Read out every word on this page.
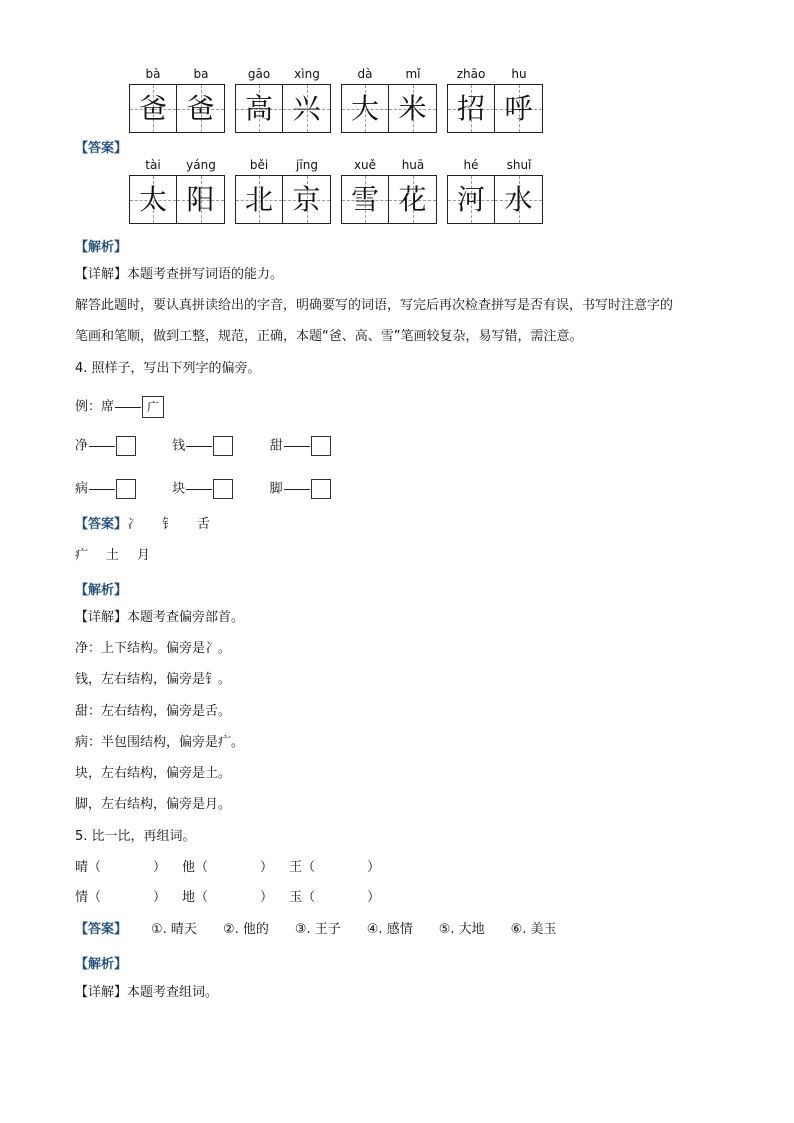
bà	ba	gāo	xìng	dà	mǐ	zhāo	hu
爸 爸 高 兴 大 米 招 呼
【答案】
tài	yáng	běi	jīng	xuě	huā	hé	shuǐ
太 阳 北 京 雪 花 河 水
【解析】
【详解】本题考查拼写词语的能力。
解答此题时，要认真拼读给出的字音，明确要写的词语，写完后再次检查拼写是否有误，书写时注意字的
笔画和笔顺，做到工整，规范，正确，本题“爸、高、雪”笔画较复杂，易写错，需注意。
4. 照样子，写出下列字的偏旁。
例：席	广
净	钱	甜
病	块	脚
【答案】冫 钅 舌
疒 土 月
【解析】
【详解】本题考查偏旁部首。
净：上下结构。偏旁是冫。
钱，左右结构，偏旁是钅。
甜：左右结构，偏旁是舌。
病：半包围结构，偏旁是疒。
块，左右结构，偏旁是土。
脚，左右结构，偏旁是月。
5. 比一比，再组词。
晴（	） 他（	） 王（	）
情（	） 地（	） 玉（	）
【答案】 ①. 晴天 ②. 他的 ③. 王子 ④. 感情 ⑤. 大地 ⑥. 美玉
【解析】
【详解】本题考查组词。
